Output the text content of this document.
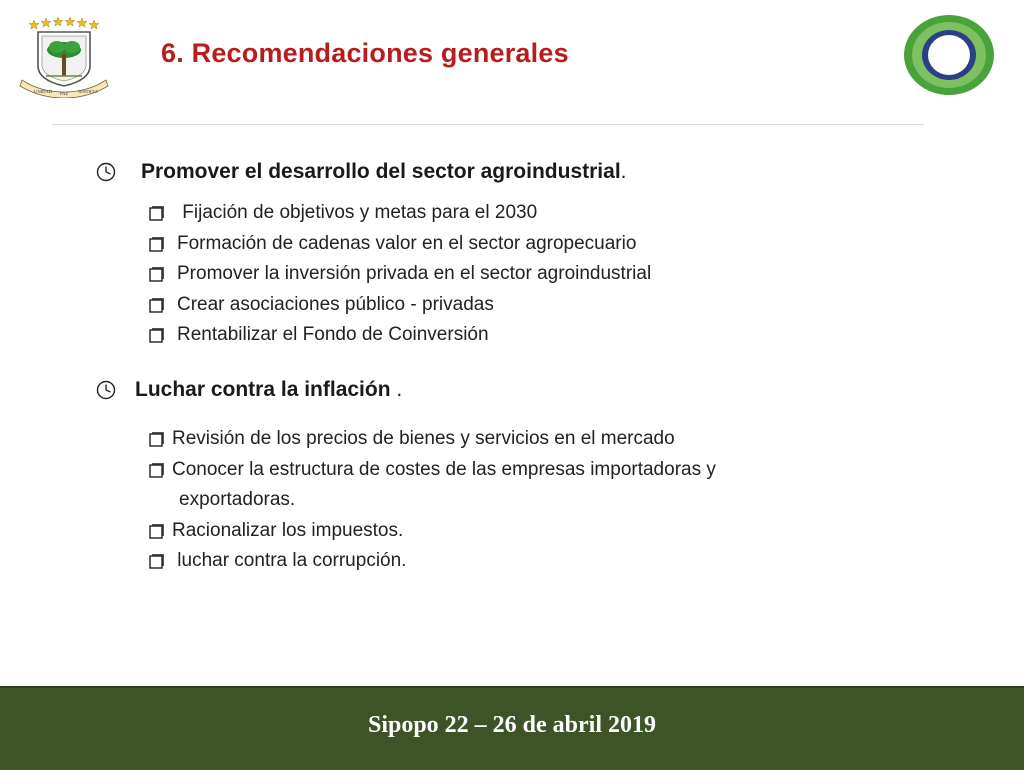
UNIDAD PAZ JUSTICIA
6. Recomendaciones generales
Promover el desarrollo del sector agroindustrial .
Fijación de objetivos y metas para el 2030
Formación de cadenas valor en el sector agropecuario
Promover la inversión privada en el sector agroindustrial
Crear asociaciones público - privadas
Rentabilizar el Fondo de Coinversión
Luchar contra la inflación .
Revisión de los precios de bienes y servicios en el mercado
Conocer la estructura de costes de las empresas importadoras y
exportadoras.
Racionalizar los impuestos.
luchar contra la corrupción.
Sipopo 22 – 26 de abril 2019
